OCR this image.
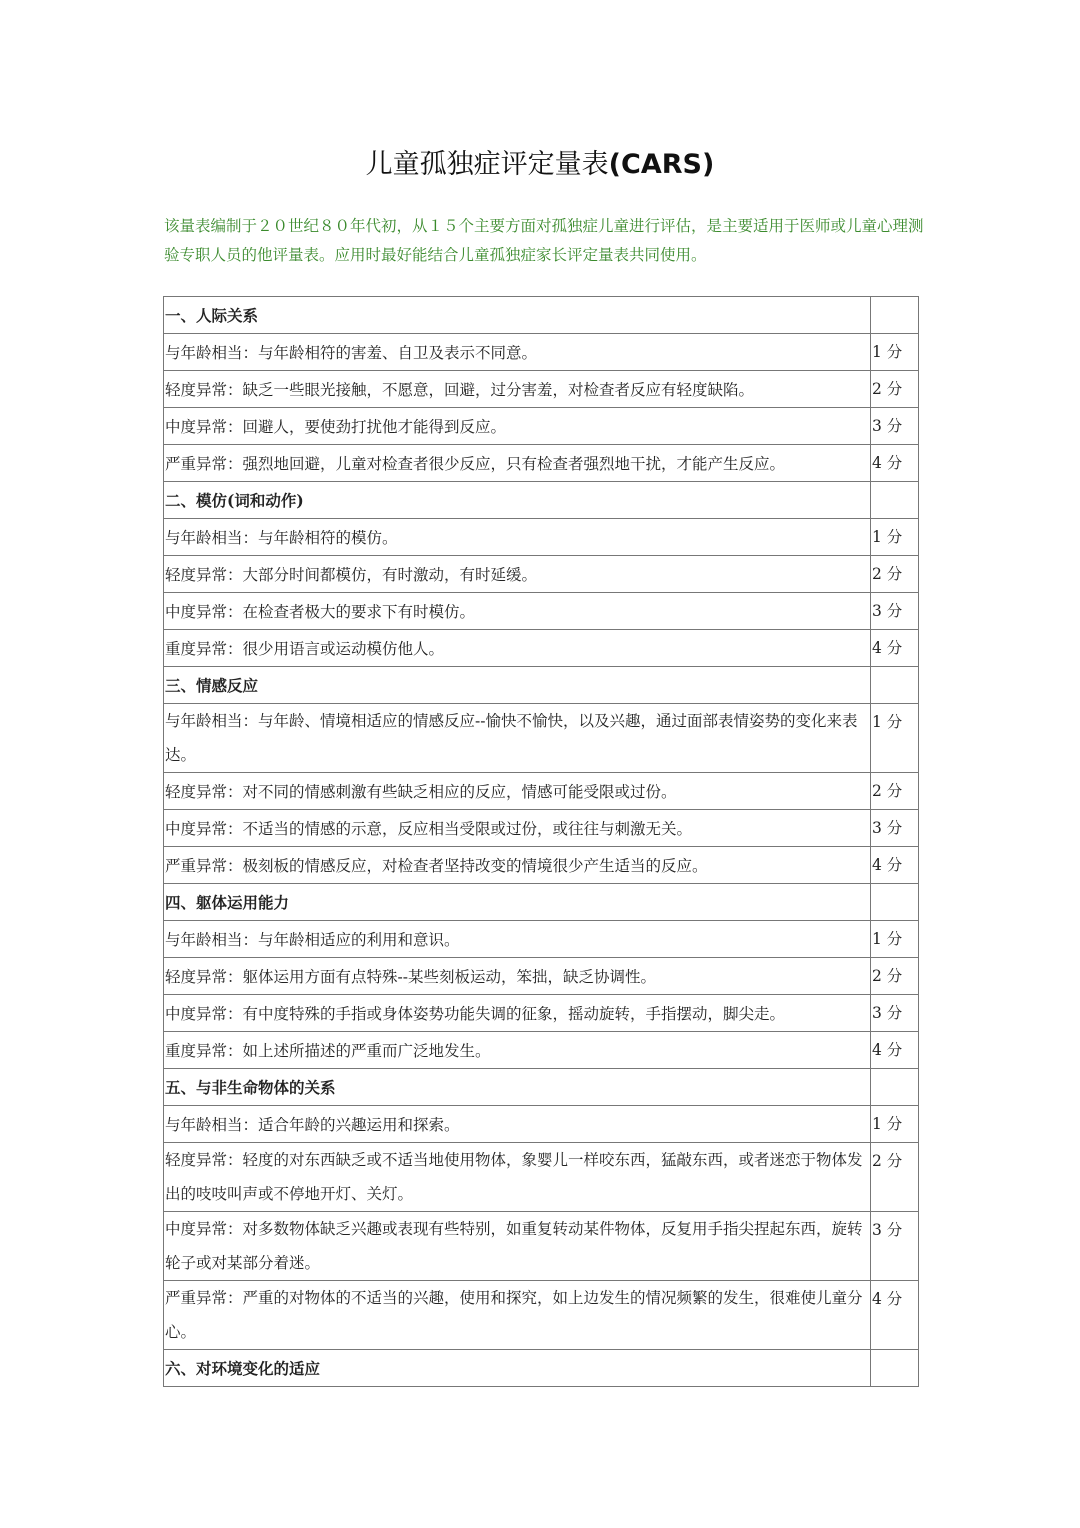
儿童孤独症评定量表(CARS)

该量表编制于２０世纪８０年代初，从１５个主要方面对孤独症儿童进行评估，是主要适用于医师或儿童心理测验专职人员的他评量表。应用时最好能结合儿童孤独症家长评定量表共同使用。

一、人际关系	
与年龄相当：与年龄相符的害羞、自卫及表示不同意。	1 分
轻度异常：缺乏一些眼光接触，不愿意，回避，过分害羞，对检查者反应有轻度缺陷。	2 分
中度异常：回避人，要使劲打扰他才能得到反应。	3 分
严重异常：强烈地回避，儿童对检查者很少反应，只有检查者强烈地干扰，才能产生反应。	4 分
二、模仿(词和动作)	
与年龄相当：与年龄相符的模仿。	1 分
轻度异常：大部分时间都模仿，有时激动，有时延缓。	2 分
中度异常：在检查者极大的要求下有时模仿。	3 分
重度异常：很少用语言或运动模仿他人。	4 分
三、情感反应	
与年龄相当：与年龄、情境相适应的情感反应--愉快不愉快，以及兴趣，通过面部表情姿势的变化来表达。	1 分
轻度异常：对不同的情感刺激有些缺乏相应的反应，情感可能受限或过份。	2 分
中度异常：不适当的情感的示意，反应相当受限或过份，或往往与刺激无关。	3 分
严重异常：极刻板的情感反应，对检查者坚持改变的情境很少产生适当的反应。	4 分
四、躯体运用能力	
与年龄相当：与年龄相适应的利用和意识。	1 分
轻度异常：躯体运用方面有点特殊--某些刻板运动，笨拙，缺乏协调性。	2 分
中度异常：有中度特殊的手指或身体姿势功能失调的征象，摇动旋转，手指摆动，脚尖走。	3 分
重度异常：如上述所描述的严重而广泛地发生。	4 分
五、与非生命物体的关系	
与年龄相当：适合年龄的兴趣运用和探索。	1 分
轻度异常：轻度的对东西缺乏或不适当地使用物体，象婴儿一样咬东西，猛敲东西，或者迷恋于物体发出的吱吱叫声或不停地开灯、关灯。	2 分
中度异常：对多数物体缺乏兴趣或表现有些特别，如重复转动某件物体，反复用手指尖捏起东西，旋转轮子或对某部分着迷。	3 分
严重异常：严重的对物体的不适当的兴趣，使用和探究，如上边发生的情况频繁的发生，很难使儿童分心。	4 分
六、对环境变化的适应	
